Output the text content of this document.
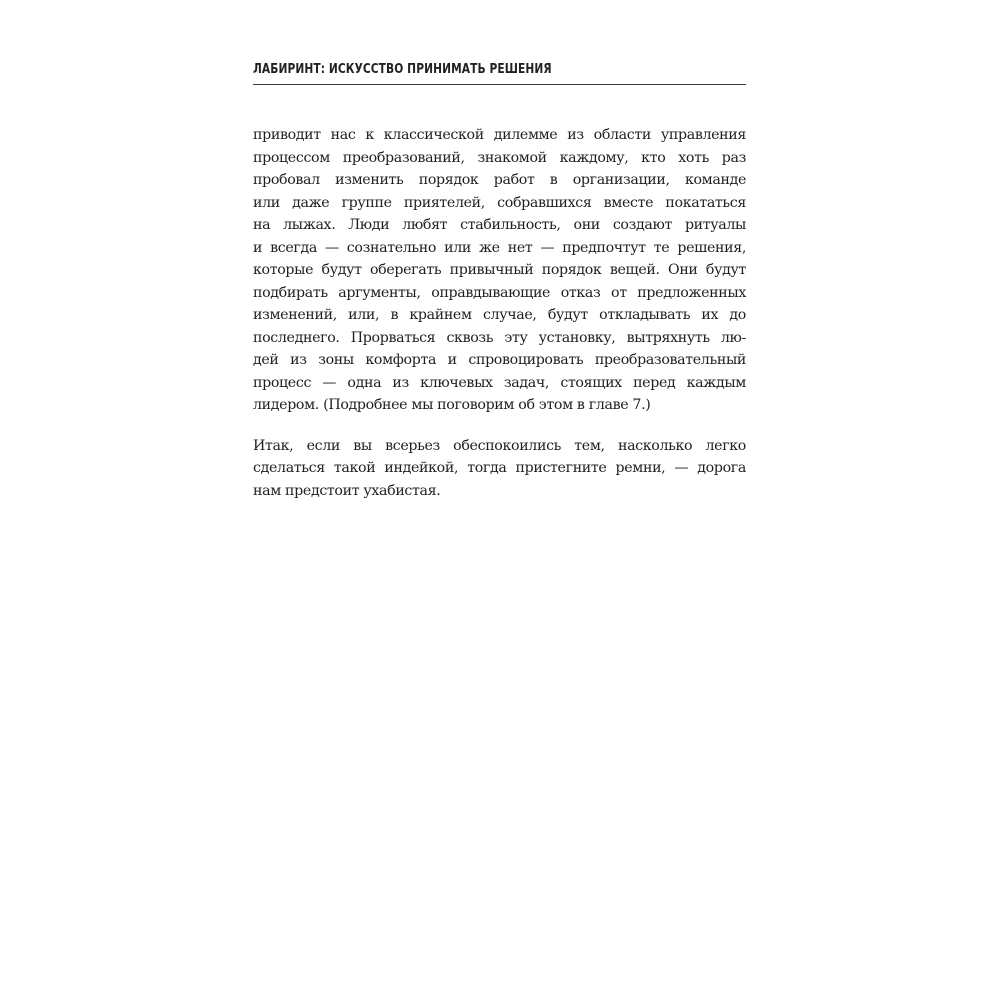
ЛАБИРИНТ: ИСКУССТВО ПРИНИМАТЬ РЕШЕНИЯ
приводит нас к классической дилемме из области управления
процессом преобразований, знакомой каждому, кто хоть раз
пробовал изменить порядок работ в организации, команде
или даже группе приятелей, собравшихся вместе покататься
на лыжах. Люди любят стабильность, они создают ритуалы
и всегда — сознательно или же нет — предпочтут те решения,
которые будут оберегать привычный порядок вещей. Они будут
подбирать аргументы, оправдывающие отказ от предложенных
изменений, или, в крайнем случае, будут откладывать их до
последнего. Прорваться сквозь эту установку, вытряхнуть лю-
дей из зоны комфорта и спровоцировать преобразовательный
процесс — одна из ключевых задач, стоящих перед каждым
лидером. (Подробнее мы поговорим об этом в главе 7.)
Итак, если вы всерьез обеспокоились тем, насколько легко
сделаться такой индейкой, тогда пристегните ремни, — дорога
нам предстоит ухабистая.
